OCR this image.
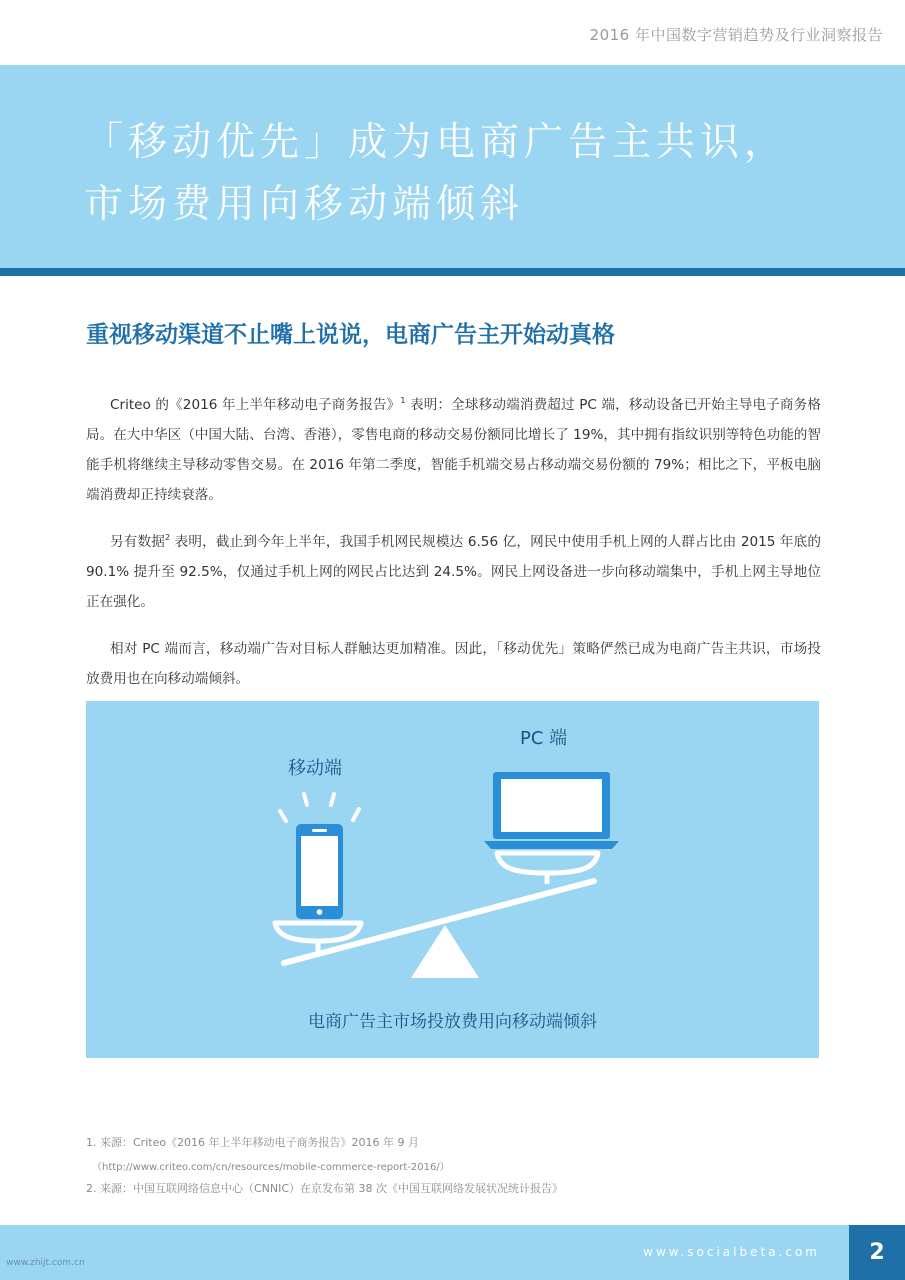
2016 年中国数字营销趋势及行业洞察报告
「移动优先」成为电商广告主共识，
市场费用向移动端倾斜
重视移动渠道不止嘴上说说，电商广告主开始动真格

Criteo 的《2016 年上半年移动电子商务报告》$^1$ 表明：全球移动端消费超过 PC 端，移动设备已开始主导电子商务格局。在大中华区（中国大陆、台湾、香港），零售电商的移动交易份额同比增长了 19%，其中拥有指纹识别等特色功能的智能手机将继续主导移动零售交易。在 2016 年第二季度，智能手机端交易占移动端交易份额的 79%；相比之下，平板电脑端消费却正持续衰落。

另有数据$^2$ 表明，截止到今年上半年，我国手机网民规模达 6.56 亿，网民中使用手机上网的人群占比由 2015 年底的 90.1% 提升至 92.5%，仅通过手机上网的网民占比达到 24.5%。网民上网设备进一步向移动端集中，手机上网主导地位正在强化。

相对 PC 端而言，移动端广告对目标人群触达更加精准。因此，「移动优先」策略俨然已成为电商广告主共识，市场投放费用也在向移动端倾斜。

PC 端
移动端
电商广告主市场投放费用向移动端倾斜
1. 来源：Criteo《2016 年上半年移动电子商务报告》2016 年 9 月
（http://www.criteo.com/cn/resources/mobile-commerce-report-2016/）
2. 来源：中国互联网络信息中心（CNNIC）在京发布第 38 次《中国互联网络发展状况统计报告》
www.socialbeta.com	2
www.zhijt.com.cn
